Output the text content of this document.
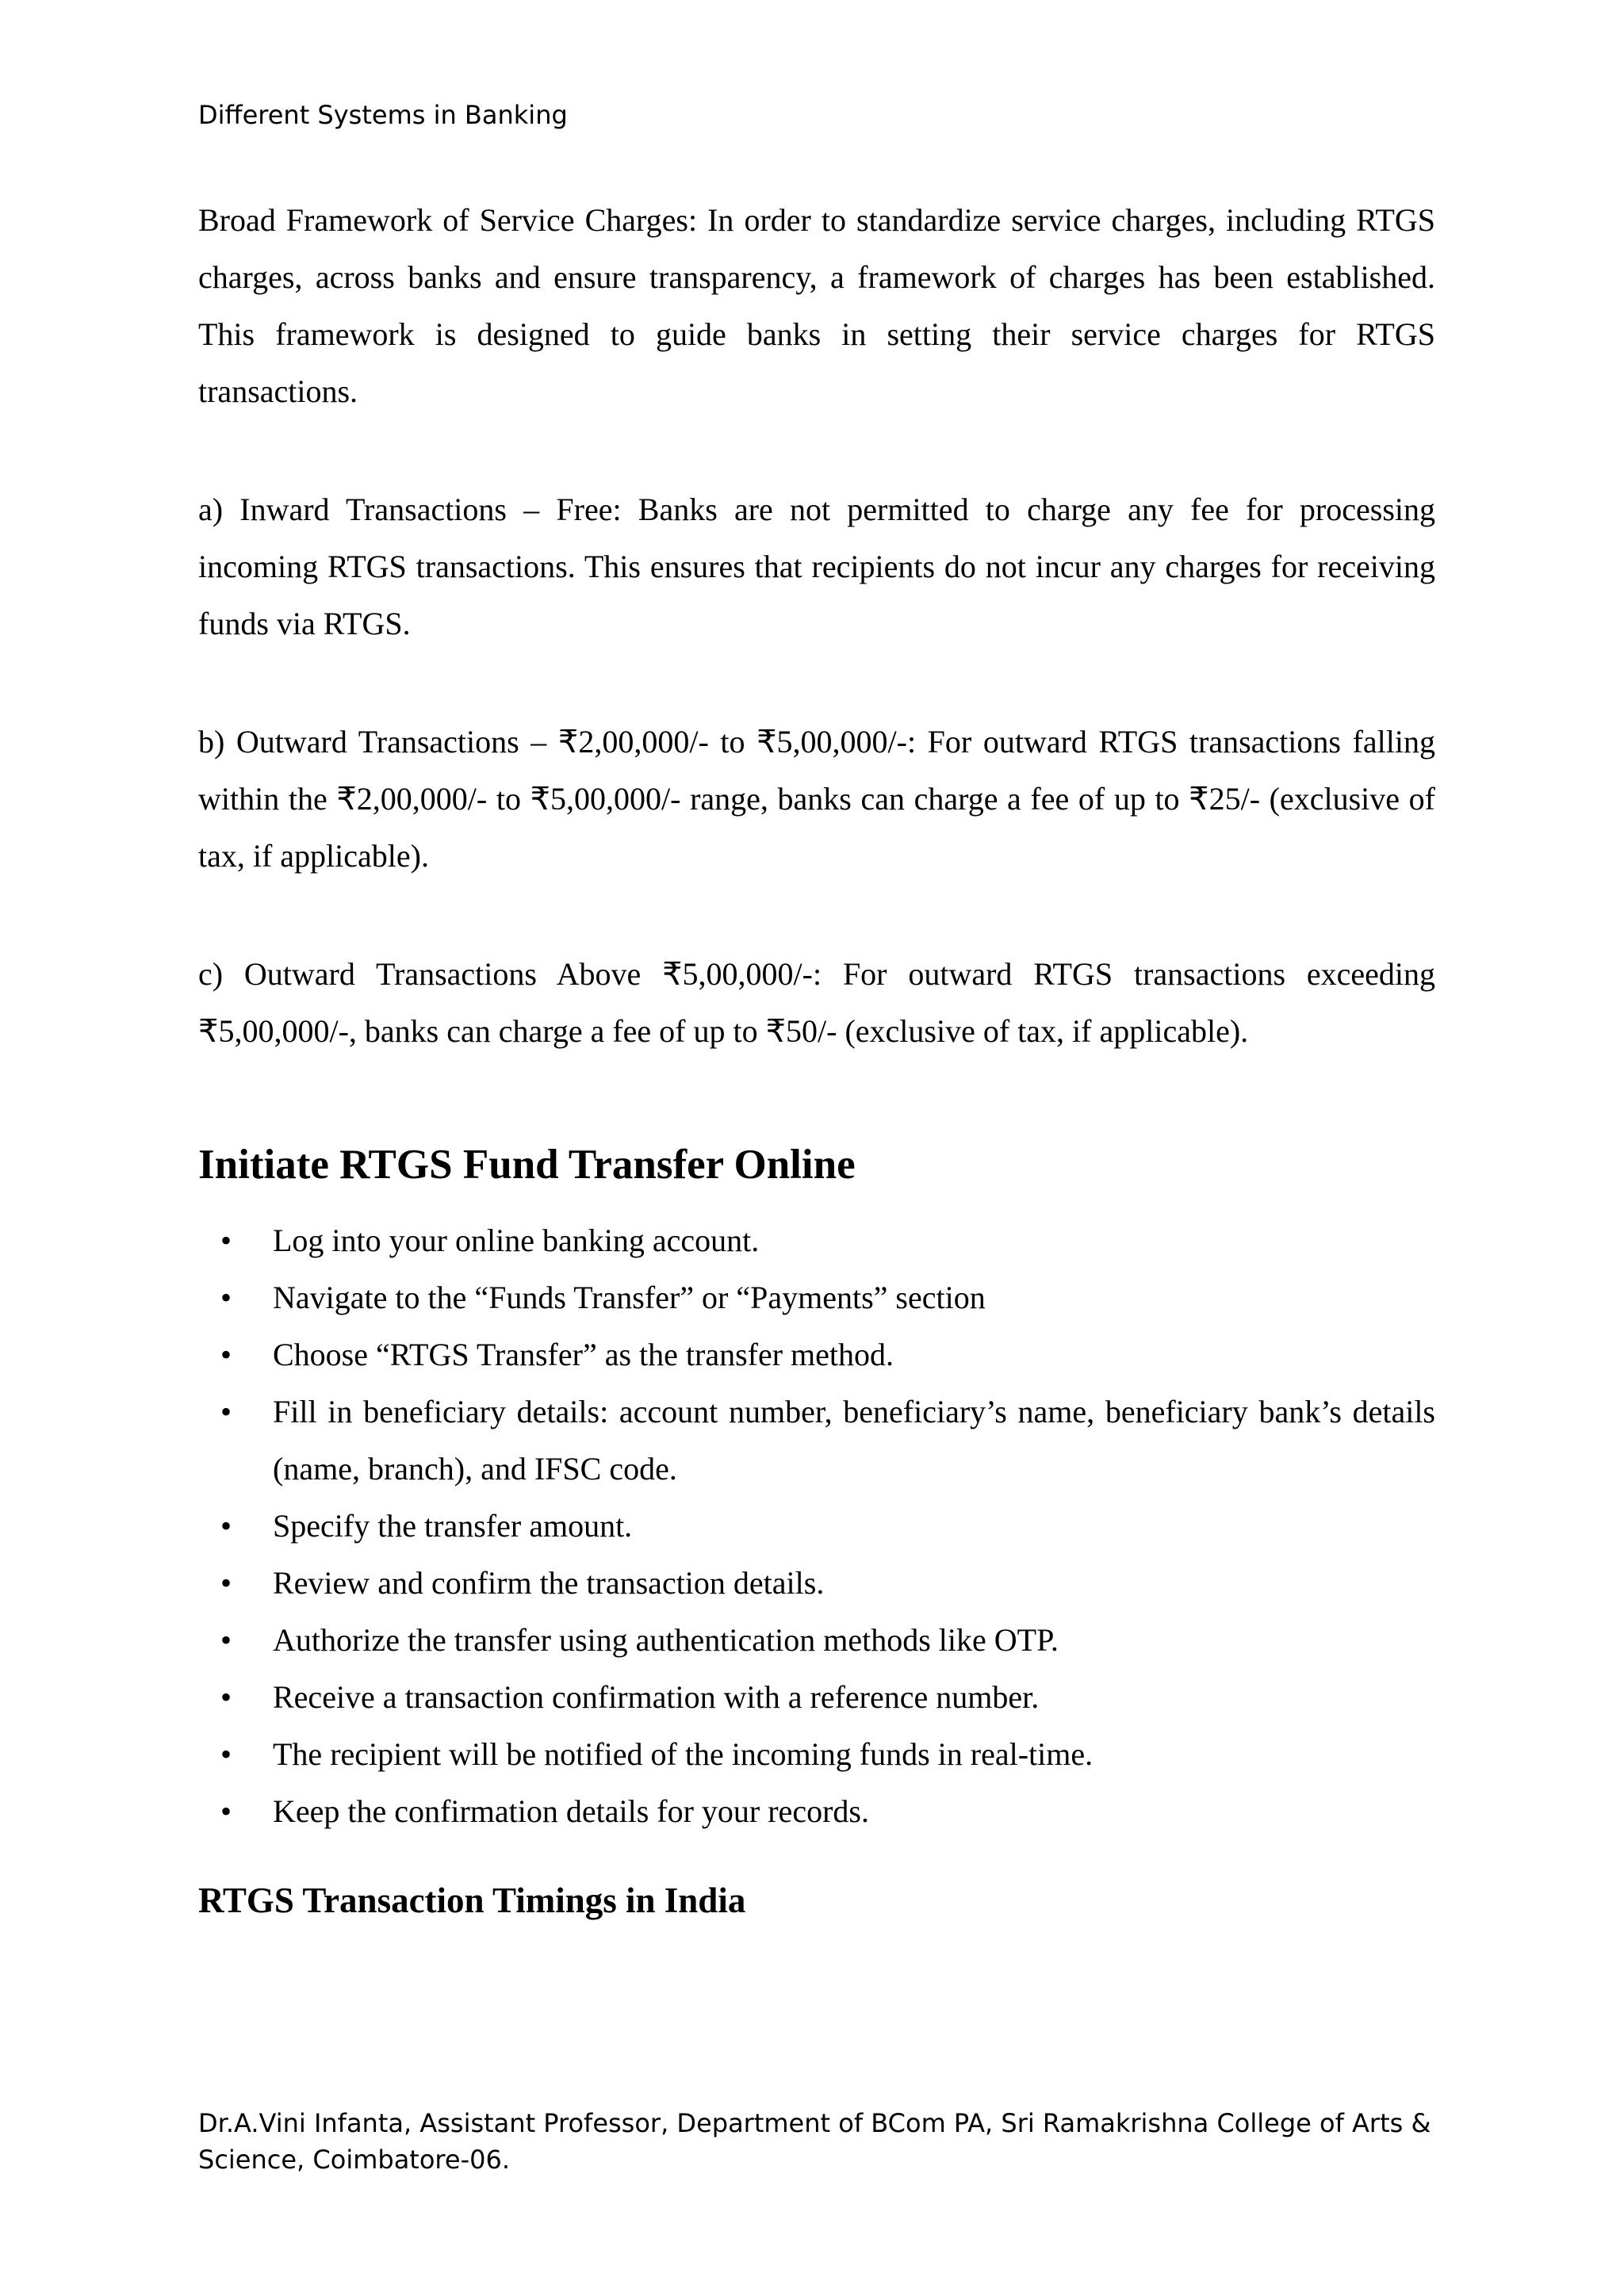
Different Systems in Banking

Broad Framework of Service Charges: In order to standardize service charges, including RTGS charges, across banks and ensure transparency, a framework of charges has been established. This framework is designed to guide banks in setting their service charges for RTGS transactions.

a) Inward Transactions – Free: Banks are not permitted to charge any fee for processing incoming RTGS transactions. This ensures that recipients do not incur any charges for receiving funds via RTGS.

b) Outward Transactions – ₹2,00,000/- to ₹5,00,000/-: For outward RTGS transactions falling within the ₹2,00,000/- to ₹5,00,000/- range, banks can charge a fee of up to ₹25/- (exclusive of tax, if applicable).

c) Outward Transactions Above ₹5,00,000/-: For outward RTGS transactions exceeding ₹5,00,000/-, banks can charge a fee of up to ₹50/- (exclusive of tax, if applicable).

Initiate RTGS Fund Transfer Online
• Log into your online banking account.
• Navigate to the “Funds Transfer” or “Payments” section
• Choose “RTGS Transfer” as the transfer method.
• Fill in beneficiary details: account number, beneficiary’s name, beneficiary bank’s details (name, branch), and IFSC code.
• Specify the transfer amount.
• Review and confirm the transaction details.
• Authorize the transfer using authentication methods like OTP.
• Receive a transaction confirmation with a reference number.
• The recipient will be notified of the incoming funds in real-time.
• Keep the confirmation details for your records.
RTGS Transaction Timings in India
Dr.A.Vini Infanta, Assistant Professor, Department of BCom PA, Sri Ramakrishna College of Arts & Science, Coimbatore-06.
